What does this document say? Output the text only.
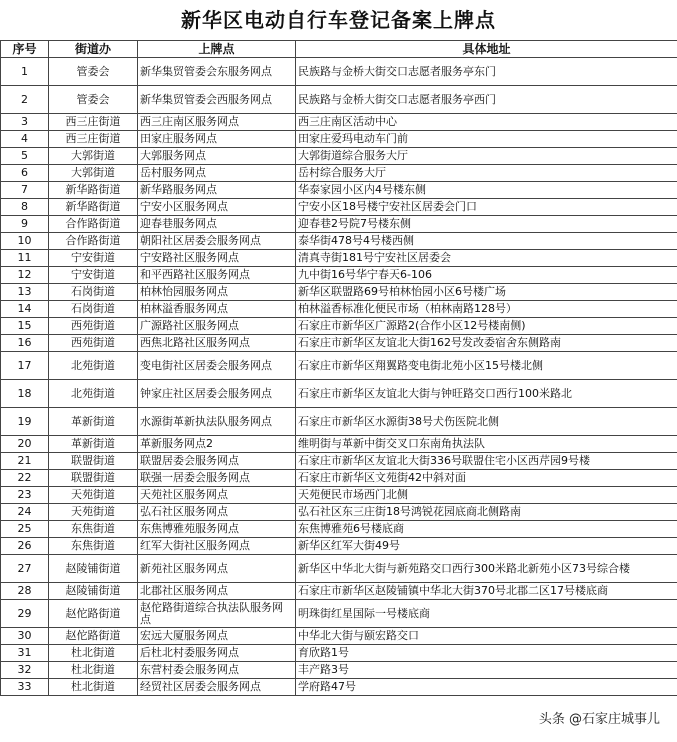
新华区电动自行车登记备案上牌点
序号	街道办	上牌点	具体地址
1	管委会	新华集贸管委会东服务网点	民族路与金桥大街交口志愿者服务亭东门
2	管委会	新华集贸管委会西服务网点	民族路与金桥大街交口志愿者服务亭西门
3	西三庄街道	西三庄南区服务网点	西三庄南区活动中心
4	西三庄街道	田家庄服务网点	田家庄爱玛电动车门前
5	大郭街道	大郭服务网点	大郭街道综合服务大厅
6	大郭街道	岳村服务网点	岳村综合服务大厅
7	新华路街道	新华路服务网点	华泰家园小区内4号楼东侧
8	新华路街道	宁安小区服务网点	宁安小区18号楼宁安社区居委会门口
9	合作路街道	迎春巷服务网点	迎春巷2号院7号楼东侧
10	合作路街道	朝阳社区居委会服务网点	泰华街478号4号楼西侧
11	宁安街道	宁安路社区服务网点	清真寺街181号宁安社区居委会
12	宁安街道	和平西路社区服务网点	九中街16号华宁春天6-106
13	石岗街道	柏林怡园服务网点	新华区联盟路69号柏林怡园小区6号楼广场
14	石岗街道	柏林溢香服务网点	柏林溢香标准化便民市场（柏林南路128号）
15	西苑街道	广源路社区服务网点	石家庄市新华区广源路2(合作小区12号楼南侧)
16	西苑街道	西焦北路社区服务网点	石家庄市新华区友谊北大街162号发改委宿舍东侧路南
17	北苑街道	变电街社区居委会服务网点	石家庄市新华区翔翼路变电街北苑小区15号楼北侧
18	北苑街道	钟家庄社区居委会服务网点	石家庄市新华区友谊北大街与钟旺路交口西行100米路北
19	革新街道	水源街革新执法队服务网点	石家庄市新华区水源街38号犬伤医院北侧
20	革新街道	革新服务网点2	维明街与革新中街交叉口东南角执法队
21	联盟街道	联盟居委会服务网点	石家庄市新华区友谊北大街336号联盟住宅小区西芹园9号楼
22	联盟街道	联强一居委会服务网点	石家庄市新华区文苑街42中斜对面
23	天苑街道	天苑社区服务网点	天苑便民市场西门北侧
24	天苑街道	弘石社区服务网点	弘石社区东三庄街18号鸿锐花园底商北侧路南
25	东焦街道	东焦博雅苑服务网点	东焦博雅苑6号楼底商
26	东焦街道	红军大街社区服务网点	新华区红军大街49号
27	赵陵铺街道	新苑社区服务网点	新华区中华北大街与新苑路交口西行300米路北新苑小区73号综合楼
28	赵陵铺街道	北郡社区服务网点	石家庄市新华区赵陵铺镇中华北大街370号北郡二区17号楼底商
29	赵佗路街道	赵佗路街道综合执法队服务网点	明珠街红星国际一号楼底商
30	赵佗路街道	宏远大厦服务网点	中华北大街与颐宏路交口
31	杜北街道	后杜北村委服务网点	育欣路1号
32	杜北街道	东营村委会服务网点	丰产路3号
33	杜北街道	经贸社区居委会服务网点	学府路47号
头条 @石家庄城事儿
